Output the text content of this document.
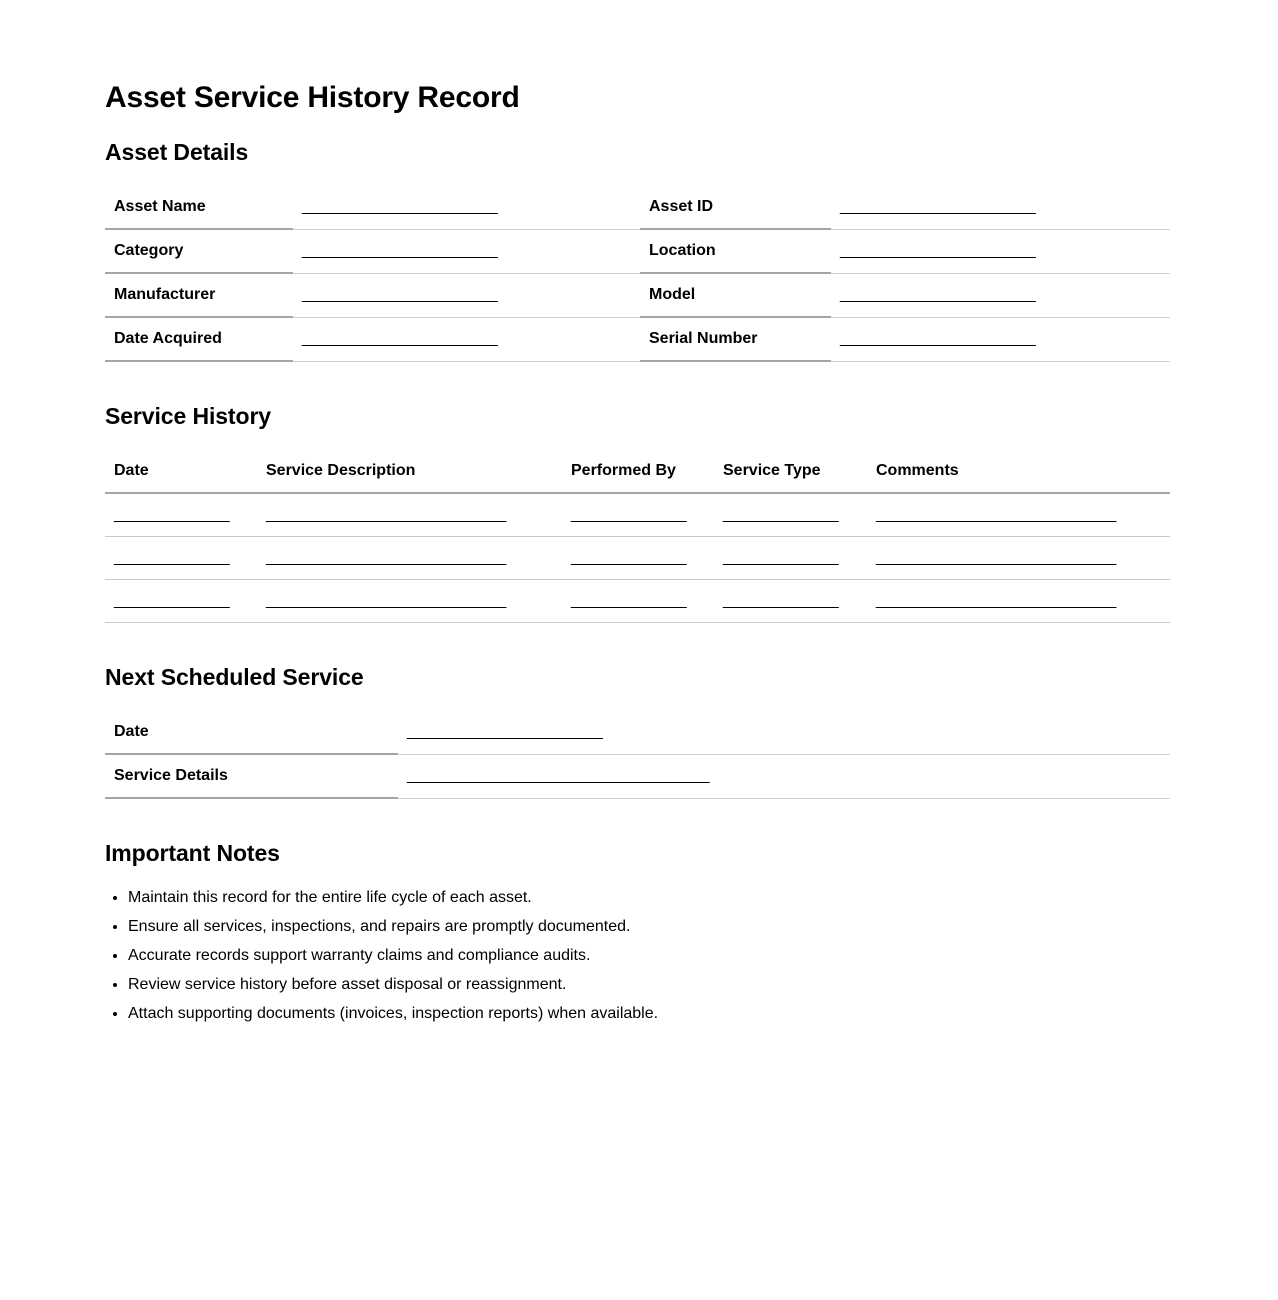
Asset Service History Record
Asset Details
Asset Name	______________________	Asset ID	______________________
Category	______________________	Location	______________________
Manufacturer	______________________	Model	______________________
Date Acquired	______________________	Serial Number	______________________
Service History
Date	Service Description	Performed By	Service Type	Comments
_____________	___________________________	_____________	_____________	___________________________
_____________	___________________________	_____________	_____________	___________________________
_____________	___________________________	_____________	_____________	___________________________
Next Scheduled Service
Date	______________________
Service Details	__________________________________
Important Notes
• Maintain this record for the entire life cycle of each asset.
• Ensure all services, inspections, and repairs are promptly documented.
• Accurate records support warranty claims and compliance audits.
• Review service history before asset disposal or reassignment.
• Attach supporting documents (invoices, inspection reports) when available.
